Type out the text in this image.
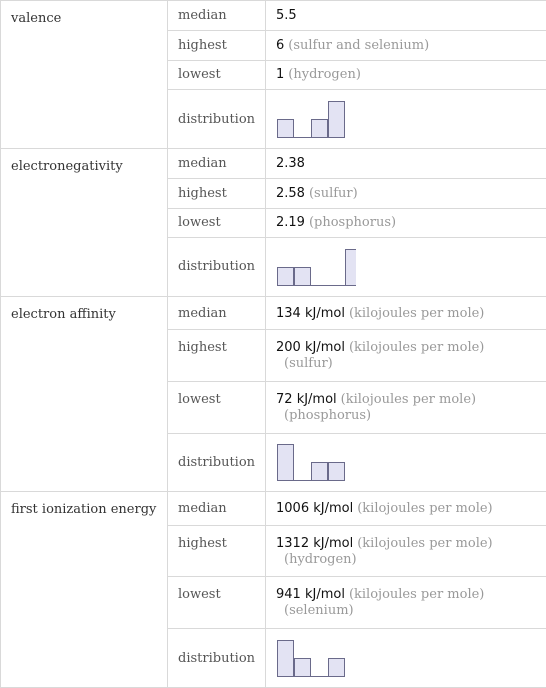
valence	median	5.5
	highest	6 (sulfur and selenium)
	lowest	1 (hydrogen)
	distribution	

electronegativity	median	2.38
	highest	2.58 (sulfur)
	lowest	2.19 (phosphorus)
	distribution	

electron affinity	median	134 kJ/mol (kilojoules per mole)
	highest	200 kJ/mol (kilojoules per mole)
(sulfur)

	lowest	72 kJ/mol (kilojoules per mole)
(phosphorus)

	distribution	

first ionization energy	median	1006 kJ/mol (kilojoules per mole)
	highest	1312 kJ/mol (kilojoules per mole)
(hydrogen)

	lowest	941 kJ/mol (kilojoules per mole)
(selenium)

	distribution	
